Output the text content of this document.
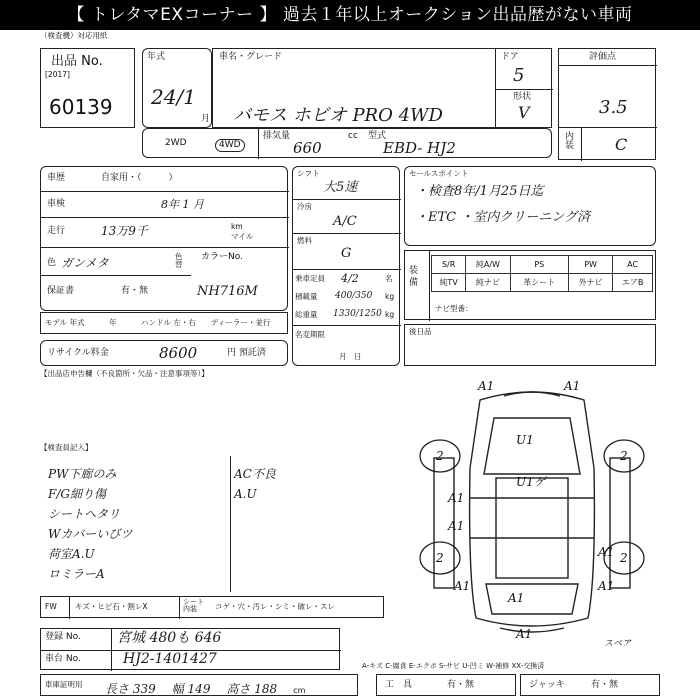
【 トレタマEXコーナー 】 過去１年以上オークション出品歴がない車両
（検査機）対応用紙
出品 No.
[2017]
60139
年式
24/1
月
車名・グレード
バモス ホビオ PRO 4WD
ドア
5
形状
V
評価点
3.5
内装	C
2WD	4WD
排気量
660
cc 型式
EBD- HJ2
車歴	自家用・（　　　）
車検	8年 1 月
走行	13万9千	km
マイル
色 ガンメタ	色替
カラーNo.
保証書	有・無	NH716M
モデル 年式	年	ハンドル 左・右 ディーラー・並行
リサイクル料金	8600	円 預託済
シフト
大5速
冷房
A/C
燃料
G
乗車定員 4/2	名
積載量 400/350 kg
総重量 1330/1250 kg
名変期限
月　日
セールスポイント
・検査8年/1月25日迄
・ETC ・室内クリーニング済
装備
S/R	純A/W	PS	PW	AC
純TV	純ナビ	革シート	外ナビ	エアB
ナビ型番：
後日品
【出品店申告欄（不良箇所・欠品・注意事項等）】
【検査員記入】
PW下廊のみ
F/G細り傷
シートヘタリ
Wカバーいびツ
荷室A.U
ロミラーA
AC不良
A.U
A1	A1
U1
U1ゲ
A1
A1
2	2
2	2
A1	A1
A1
A1
A1
スペア
FW キズ・ヒビ石・割レX	シート 内装	コゲ・穴・汚レ・シミ・破レ・スレ
登録 No.	宮城 480も 646
車台 No.	HJ2-1401427
車庫証明用 長さ 339 幅 149 高さ 188 cm
A-キズ C-腐食 E-エクボ S-サビ U-凹ミ W-補修 XX-交換済
工　具	有・無	ジャッキ	有・無
